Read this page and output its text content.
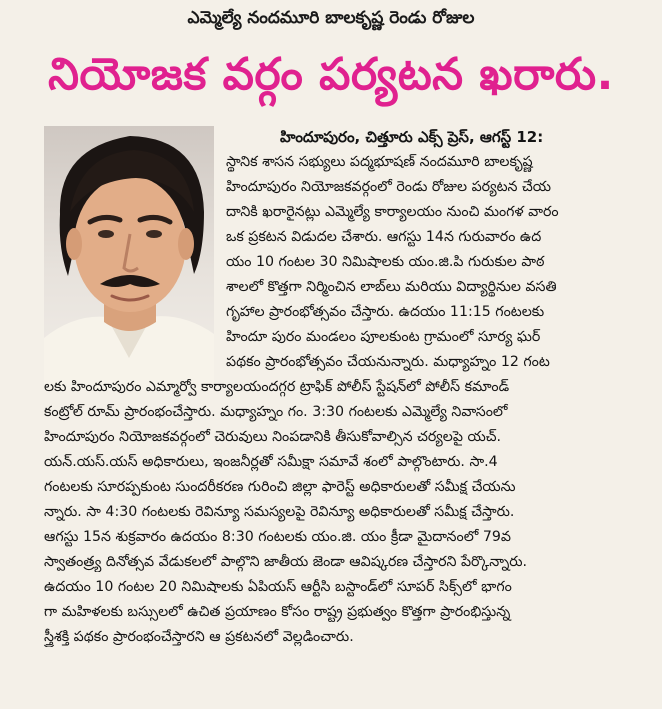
ఎమ్మెల్యే నందమూరి బాలకృష్ణ రెండు రోజుల
నియోజక వర్గం పర్యటన ఖరారు.
హిందూపురం, చిత్తూరు ఎక్స్ ప్రెస్, ఆగస్ట్ 12:
స్థానిక శాసన సభ్యులు పద్మభూషణ్ నందమూరి బాలకృష్ణ
హిందూపురం నియోజకవర్గంలో రెండు రోజుల పర్యటన చేయ
దానికి ఖరారైనట్లు ఎమ్మెల్యే కార్యాలయం నుంచి మంగళ వారం
ఒక ప్రకటన విడుదల చేశారు. ఆగస్టు 14న గురువారం ఉద
యం 10 గంటల 30 నిమిషాలకు యం.జి.పి గురుకుల పాఠ
శాలలో కొత్తగా నిర్మించిన లాబ్‌లు మరియు విద్యార్థినుల వసతి
గృహాల ప్రారంభోత్సవం చేస్తారు. ఉదయం 11:15 గంటలకు
హిందూ పురం మండలం పూలకుంట గ్రామంలో సూర్య ఘర్
పథకం ప్రారంభోత్సవం చేయనున్నారు. మధ్యాహ్నం 12 గంట
లకు హిందూపురం ఎమ్మార్వో కార్యాలయందగ్గర ట్రాఫిక్ పోలీస్ స్టేషన్‌లో పోలీస్ కమాండ్
కంట్రోల్ రూమ్ ప్రారంభంచేస్తారు. మధ్యాహ్నం గం. 3:30 గంటలకు ఎమ్మెల్యే నివాసంలో
హిందూపురం నియోజకవర్గంలో చెరువులు నింపడానికి తీసుకోవాల్సిన చర్యలపై యచ్.
యన్.యస్.యస్ అధికారులు, ఇంజనీర్లతో సమీక్షా సమావే శంలో పాల్గొంటారు. సా.4
గంటలకు సూరప్పకుంట సుందరీకరణ గురించి జిల్లా ఫారెస్ట్ అధికారులతో సమీక్ష చేయను
న్నారు. సా 4:30 గంటలకు రెవిన్యూ సమస్యలపై రెవిన్యూ అధికారులతో సమీక్ష చేస్తారు.
ఆగస్టు 15న శుక్రవారం ఉదయం 8:30 గంటలకు యం.జి. యం క్రీడా మైదానంలో 79వ
స్వాతంత్ర్య దినోత్సవ వేడుకలలో పాల్గొని జాతీయ జెండా ఆవిష్కరణ చేస్తారని పేర్కొన్నారు.
ఉదయం 10 గంటల 20 నిమిషాలకు ఏపియస్ ఆర్టీసి బస్టాండ్‌లో సూపర్ సిక్స్‌లో భాగం
గా మహిళలకు బస్సులలో ఉచిత ప్రయాణం కోసం రాష్ట్ర ప్రభుత్వం కొత్తగా ప్రారంభిస్తున్న
స్త్రీశక్తి పథకం ప్రారంభంచేస్తారని ఆ ప్రకటనలో వెల్లడించారు.
